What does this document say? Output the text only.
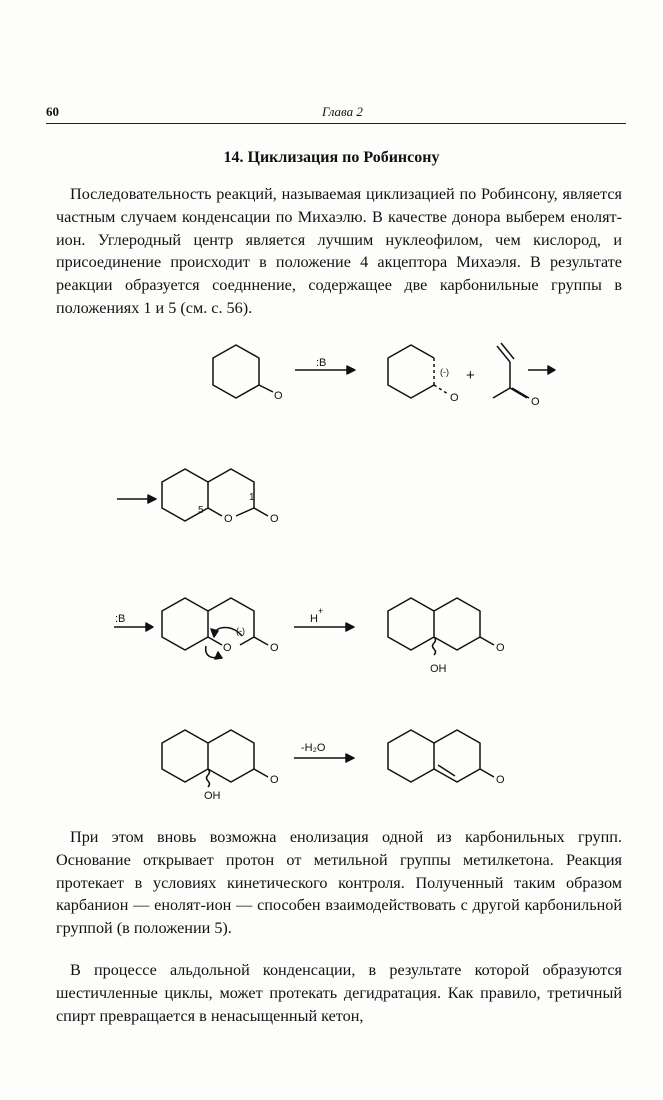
60	Глава 2
14. Циклизация по Робинсону

Последовательность реакций, называемая циклизацией по Робинсону, является частным случаем конденсации по Михаэлю. В качестве донора выберем енолят-ион. Углеродный центр является лучшим нуклеофилом, чем кислород, и присоединение происходит в положение 4 акцептора Михаэля. В результате реакции образуется соедннение, содержащее две карбонильные группы в положениях 1 и 5 (см. с. 56).

O
:B
(-)
O
+
O
5
1
O	O
:B
(-)
O	O
H
+
OH
O
OH
O
-H₂O
O

При этом вновь возможна енолизация одной из карбонильных групп. Основание открывает протон от метильной группы метилкетона. Реакция протекает в условиях кинетического контроля. Полученный таким образом карбанион — енолят-ион — способен взаимодействовать с другой карбонильной группой (в положении 5).

В процессе альдольной конденсации, в результате которой образуются шестичленные циклы, может протекать дегидратация. Как правило, третичный спирт превращается в ненасыщенный кетон,
